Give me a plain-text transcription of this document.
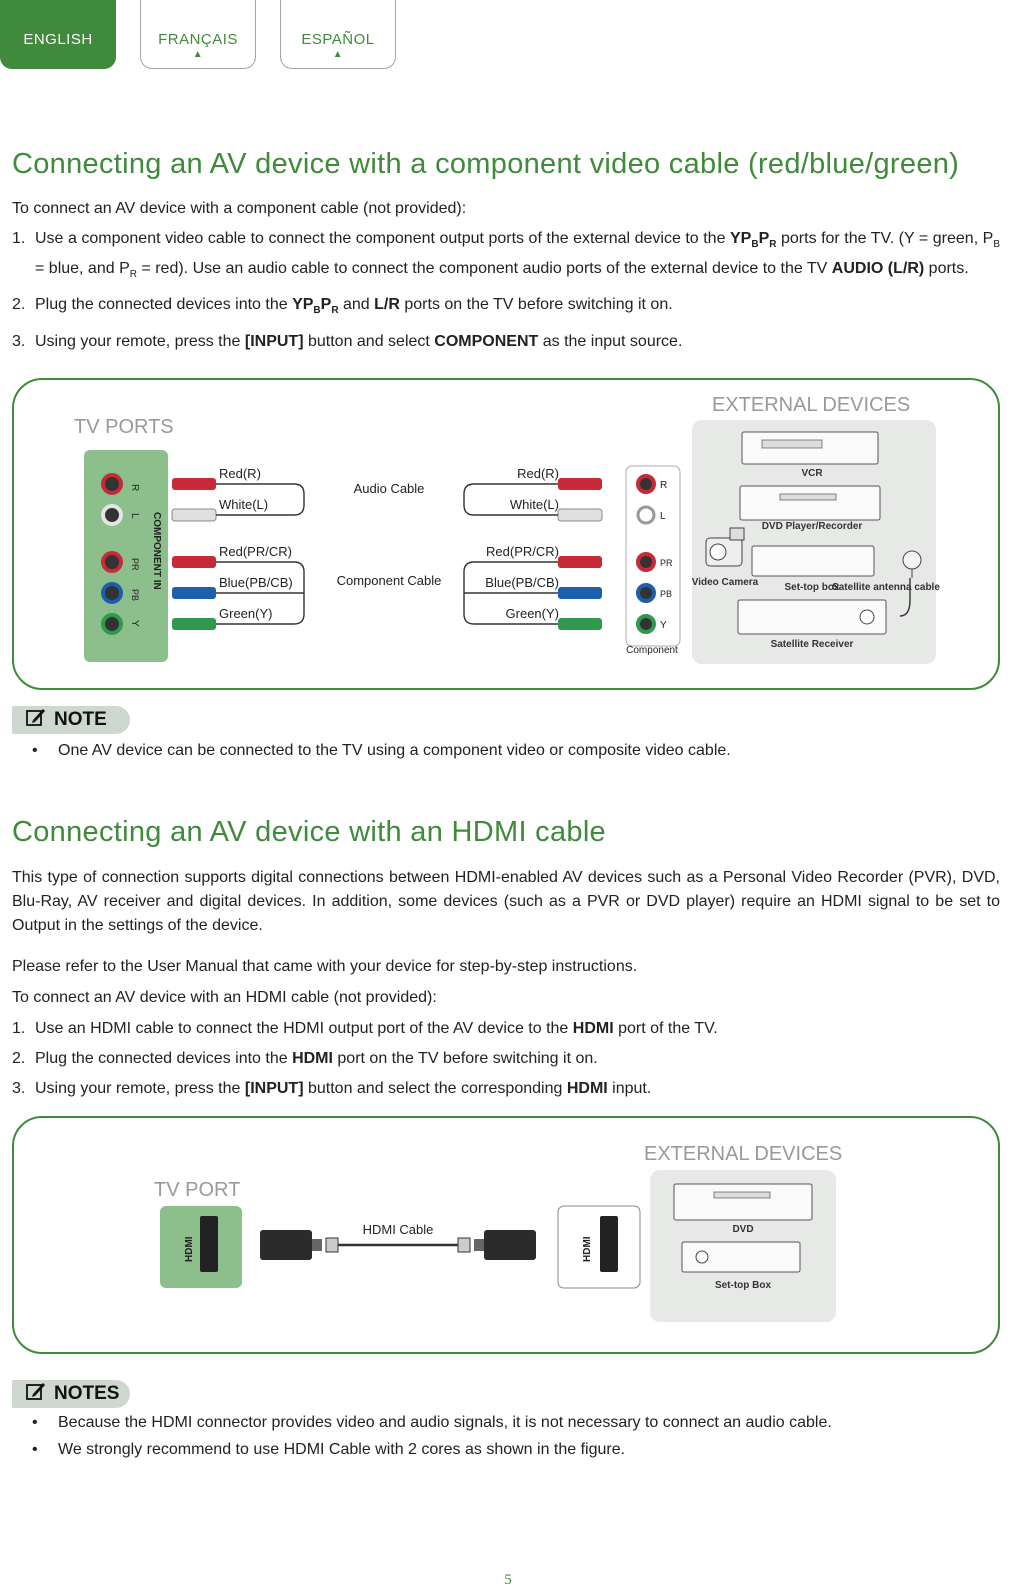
ENGLISH	FRANÇAIS
▲
ESPAÑOL
▲
Connecting an AV device with a component video cable (red/blue/green)

To connect an AV device with a component cable (not provided):

1. Use a component video cable to connect the component output ports of the external device to the $YP_BP_R$ ports for the TV. (Y = green, $P_B$ = blue, and $P_R = red$). Use an audio cable to connect the component audio ports of the external device to the TV AUDIO (L/R) ports.
2. Plug the connected devices into the $YP_BP_R$ and L/R ports on the TV before switching it on.
3. Using your remote, press the [INPUT] button and select COMPONENT as the input source.
TV PORTS
EXTERNAL DEVICES
R
L
PR
PB
Y
COMPONENT IN
Red(R)
White(L)
Red(PR/CR)
Blue(PB/CB)
Green(Y)
Red(R)
White(L)
Red(PR/CR)
Blue(PB/CB)
Green(Y)
Audio Cable
Component Cable
R
L
PR
PB
Y
Component
VCR
DVD Player/Recorder
Video Camera	Set-top box
Satellite antenna cable
Satellite Receiver
NOTE
• One AV device can be connected to the TV using a component video or composite video cable.
Connecting an AV device with an HDMI cable

This type of connection supports digital connections between HDMI-enabled AV devices such as a Personal Video Recorder (PVR), DVD, Blu-Ray, AV receiver and digital devices. In addition, some devices (such as a PVR or DVD player) require an HDMI signal to be set to Output in the settings of the device.

Please refer to the User Manual that came with your device for step-by-step instructions.

To connect an AV device with an HDMI cable (not provided):

1. Use an HDMI cable to connect the HDMI output port of the AV device to the HDMI port of the TV.
2. Plug the connected devices into the HDMI port on the TV before switching it on.
3. Using your remote, press the [INPUT] button and select the corresponding HDMI input.
TV PORT
EXTERNAL DEVICES
HDMI
HDMI Cable
HDMI
DVD
Set-top Box
NOTES
• Because the HDMI connector provides video and audio signals, it is not necessary to connect an audio cable.
• We strongly recommend to use HDMI Cable with 2 cores as shown in the figure.
5
